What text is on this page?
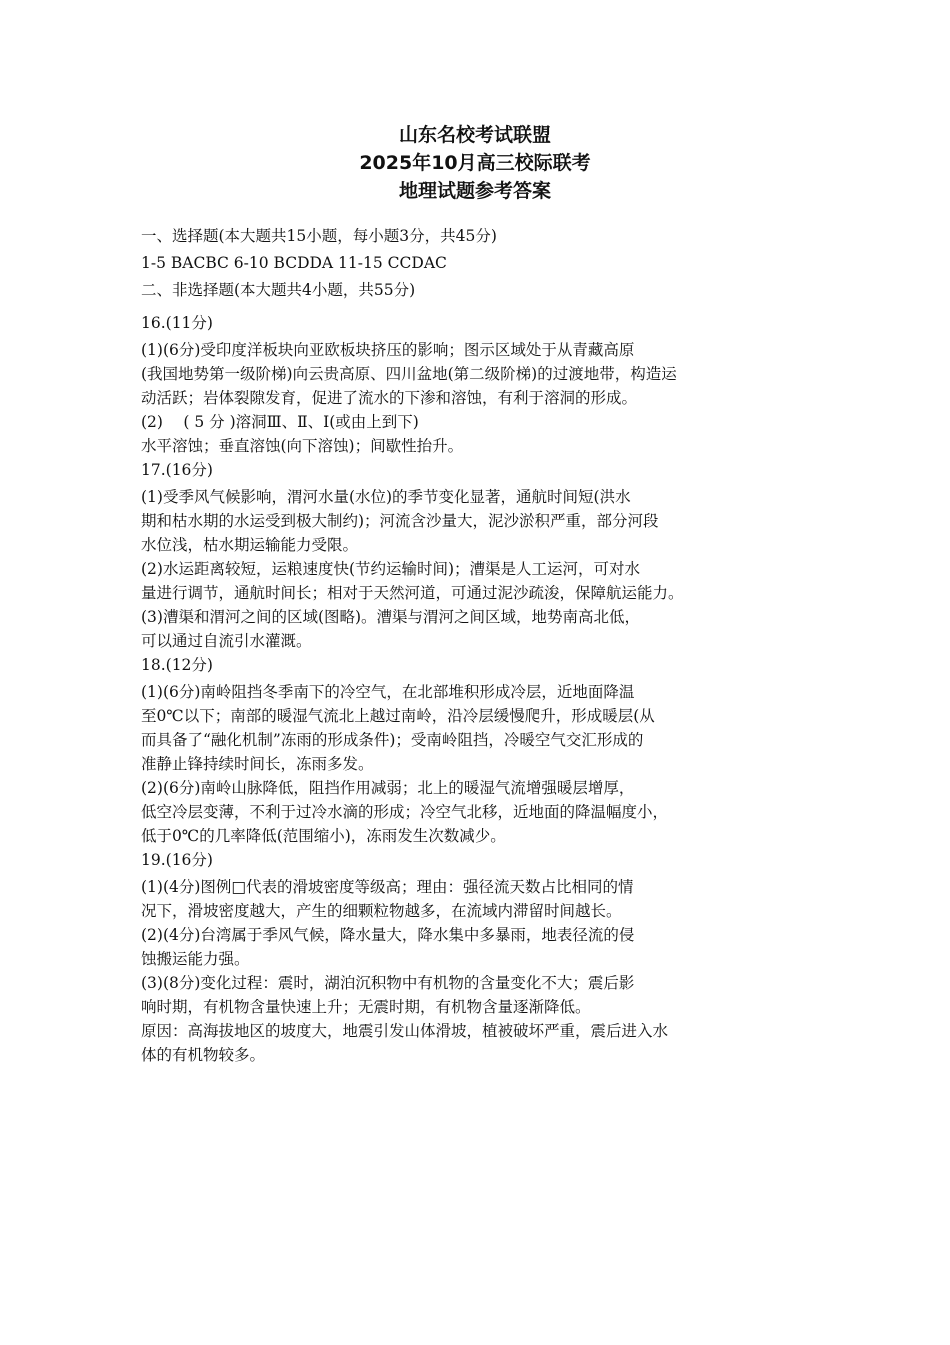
山东名校考试联盟
2025年10月高三校际联考
地理试题参考答案
一、选择题(本大题共15小题，每小题3分，共45分)
1-5 BACBC 6-10 BCDDA 11-15 CCDAC
二、非选择题(本大题共4小题，共55分)
16.(11分)
(1)(6分)受印度洋板块向亚欧板块挤压的影响；图示区域处于从青藏高原
(我国地势第一级阶梯)向云贵高原、四川盆地(第二级阶梯)的过渡地带，构造运
动活跃；岩体裂隙发育，促进了流水的下渗和溶蚀，有利于溶洞的形成。
(2)　 ( 5 分 )溶洞Ⅲ、Ⅱ、Ⅰ(或由上到下)
水平溶蚀；垂直溶蚀(向下溶蚀)；间歇性抬升。
17.(16分)
(1)受季风气候影响，渭河水量(水位)的季节变化显著，通航时间短(洪水
期和枯水期的水运受到极大制约)；河流含沙量大，泥沙淤积严重，部分河段
水位浅，枯水期运输能力受限。
(2)水运距离较短，运粮速度快(节约运输时间)；漕渠是人工运河，可对水
量进行调节，通航时间长；相对于天然河道，可通过泥沙疏浚，保障航运能力。
(3)漕渠和渭河之间的区域(图略)。漕渠与渭河之间区域，地势南高北低，
可以通过自流引水灌溉。
18.(12分)
(1)(6分)南岭阻挡冬季南下的冷空气，在北部堆积形成冷层，近地面降温
至0℃以下；南部的暖湿气流北上越过南岭，沿冷层缓慢爬升，形成暖层(从
而具备了“融化机制”冻雨的形成条件)；受南岭阻挡，冷暖空气交汇形成的
准静止锋持续时间长，冻雨多发。
(2)(6分)南岭山脉降低，阻挡作用减弱；北上的暖湿气流增强暖层增厚，
低空冷层变薄，不利于过冷水滴的形成；冷空气北移，近地面的降温幅度小，
低于0℃的几率降低(范围缩小)，冻雨发生次数减少。
19.(16分)
(1)(4分)图例□代表的滑坡密度等级高；理由：强径流天数占比相同的情
况下，滑坡密度越大，产生的细颗粒物越多，在流域内滞留时间越长。
(2)(4分)台湾属于季风气候，降水量大，降水集中多暴雨，地表径流的侵
蚀搬运能力强。
(3)(8分)变化过程：震时，湖泊沉积物中有机物的含量变化不大；震后影
响时期，有机物含量快速上升；无震时期，有机物含量逐渐降低。
原因：高海拔地区的坡度大，地震引发山体滑坡，植被破坏严重，震后进入水
体的有机物较多。
